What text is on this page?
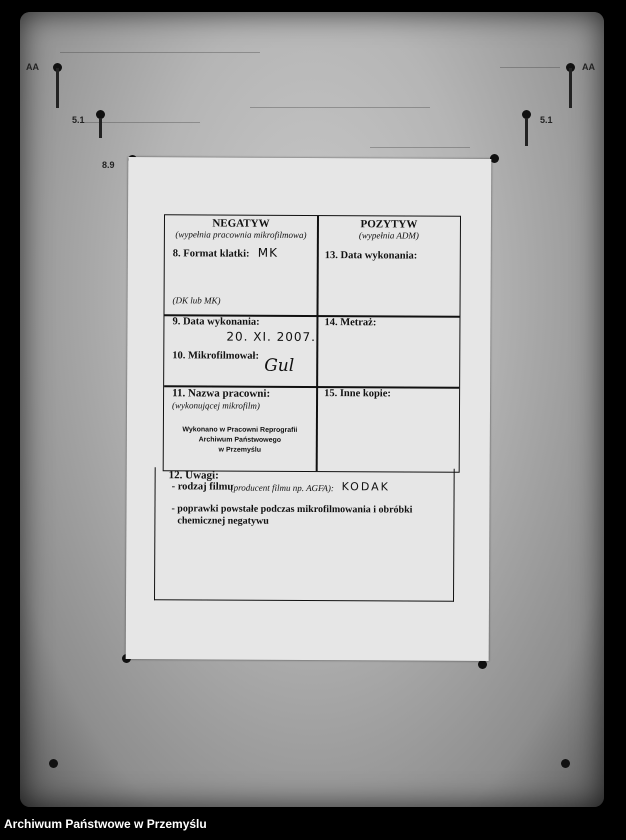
AA	AA
5.1	5.1
8.9
NEGATYW
(wypełnia pracownia mikrofilmowa)
8. Format klatki: MK
(DK lub MK)
9. Data wykonania:
20. XI. 2007.
10. Mikrofilmował: Gul
11. Nazwa pracowni:
(wykonującej mikrofilm)
Wykonano w Pracowni Reprografii
Archiwum Państwowego
w Przemyślu
POZYTYW
(wypełnia ADM)
13. Data wykonania:
14. Metraż:
15. Inne kopie:
12. Uwagi:
- rodzaj filmu
(producent filmu np. AGFA): KODAK
- poprawki powstałe podczas mikrofilmowania i obróbki
chemicznej negatywu
Archiwum Państwowe w Przemyślu
